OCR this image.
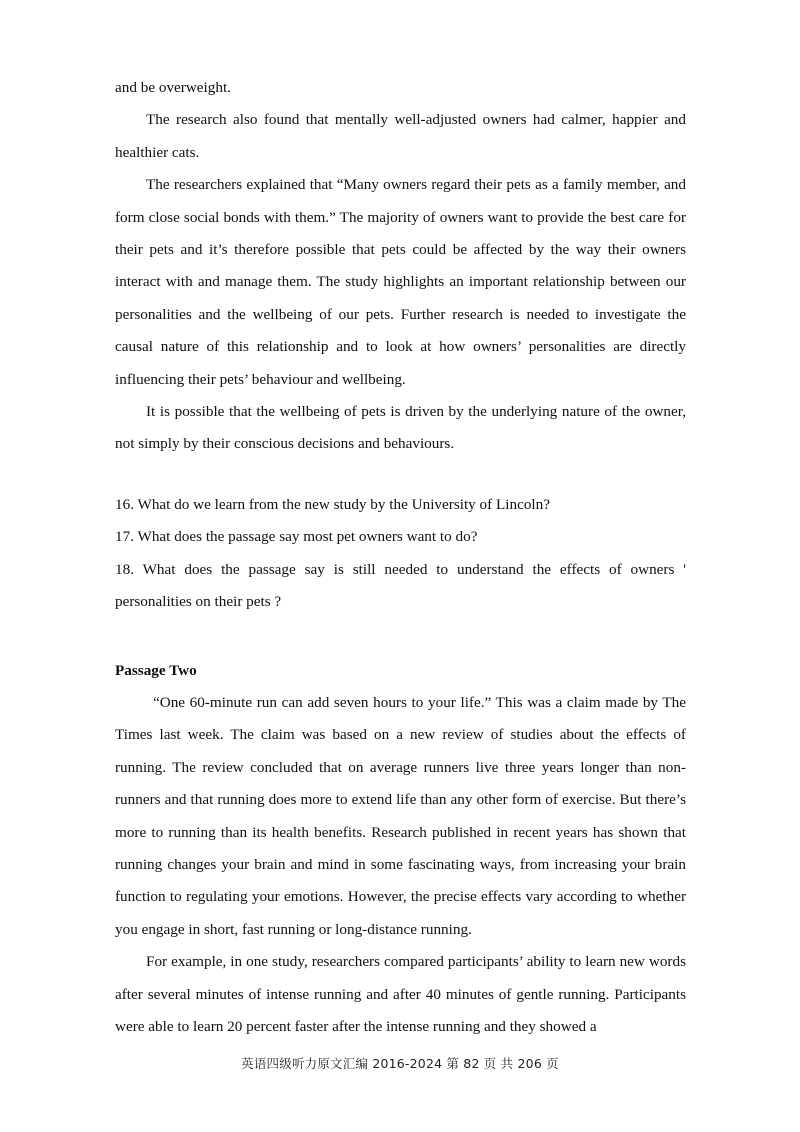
and be overweight.

The research also found that mentally well-adjusted owners had calmer, happier and healthier cats.

The researchers explained that “Many owners regard their pets as a family member, and form close social bonds with them.” The majority of owners want to provide the best care for their pets and it’s therefore possible that pets could be affected by the way their owners interact with and manage them. The study highlights an important relationship between our personalities and the wellbeing of our pets. Further research is needed to investigate the causal nature of this relationship and to look at how owners’ personalities are directly influencing their pets’ behaviour and wellbeing.

It is possible that the wellbeing of pets is driven by the underlying nature of the owner, not simply by their conscious decisions and behaviours.

16. What do we learn from the new study by the University of Lincoln?

17. What does the passage say most pet owners want to do?

18. What does the passage say is still needed to understand the effects of owners ' personalities on their pets ?

Passage Two

“One 60-minute run can add seven hours to your life.” This was a claim made by The Times last week. The claim was based on a new review of studies about the effects of running. The review concluded that on average runners live three years longer than non-runners and that running does more to extend life than any other form of exercise. But there’s more to running than its health benefits. Research published in recent years has shown that running changes your brain and mind in some fascinating ways, from increasing your brain function to regulating your emotions. However, the precise effects vary according to whether you engage in short, fast running or long-distance running.

For example, in one study, researchers compared participants’ ability to learn new words after several minutes of intense running and after 40 minutes of gentle running. Participants were able to learn 20 percent faster after the intense running and they showed a

英语四级听力原文汇编 2016-2024 第 82 页 共 206 页
